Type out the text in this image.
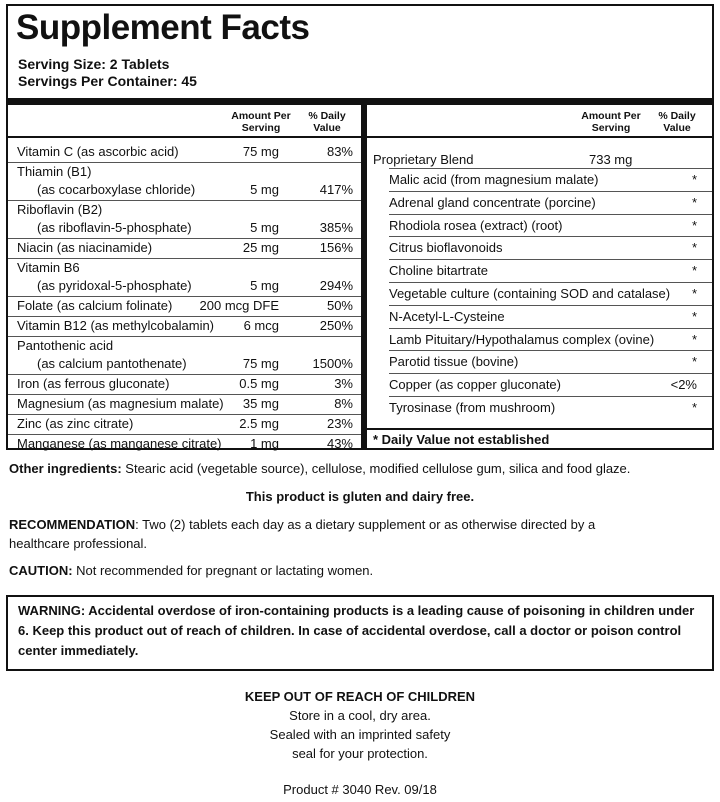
Supplement Facts
Serving Size: 2 Tablets
Servings Per Container: 45
Amount Per Serving
% Daily Value
Amount Per Serving
% Daily Value
Vitamin C (as ascorbic acid)	75 mg	83%
Thiamin (B1)
(as cocarboxylase chloride)	5 mg	417%
Riboflavin (B2)
(as riboflavin-5-phosphate)	5 mg	385%
Niacin (as niacinamide)	25 mg	156%
Vitamin B6
(as pyridoxal-5-phosphate)	5 mg	294%
Folate (as calcium folinate) 200 mcg DFE	50%
Vitamin B12 (as methylcobalamin) 6 mcg	250%
Pantothenic acid
(as calcium pantothenate)	75 mg	1500%
Iron (as ferrous gluconate)	0.5 mg	3%
Magnesium (as magnesium malate) 35 mg	8%
Zinc (as zinc citrate)	2.5 mg	23%
Manganese (as manganese citrate) 1 mg	43%
Proprietary Blend	733 mg
Malic acid (from magnesium malate)	*
Adrenal gland concentrate (porcine)	*
Rhodiola rosea (extract) (root)	*
Citrus bioflavonoids	*
Choline bitartrate	*
Vegetable culture (containing SOD and catalase) *
N-Acetyl-L-Cysteine	*
Lamb Pituitary/Hypothalamus complex (ovine)	*
Parotid tissue (bovine)	*
Copper (as copper gluconate)	<2%
Tyrosinase (from mushroom)	*
* Daily Value not established
Other ingredients: Stearic acid (vegetable source), cellulose, modified cellulose gum, silica and food glaze.
This product is gluten and dairy free.
RECOMMENDATION: Two (2) tablets each day as a dietary supplement or as otherwise directed by a
healthcare professional.
CAUTION: Not recommended for pregnant or lactating women.
WARNING: Accidental overdose of iron-containing products is a leading cause of poisoning in children under 6. Keep this product out of reach of children. In case of accidental overdose, call a doctor or poison control center immediately.
KEEP OUT OF REACH OF CHILDREN
Store in a cool, dry area.
Sealed with an imprinted safety
seal for your protection.
Product # 3040 Rev. 09/18
